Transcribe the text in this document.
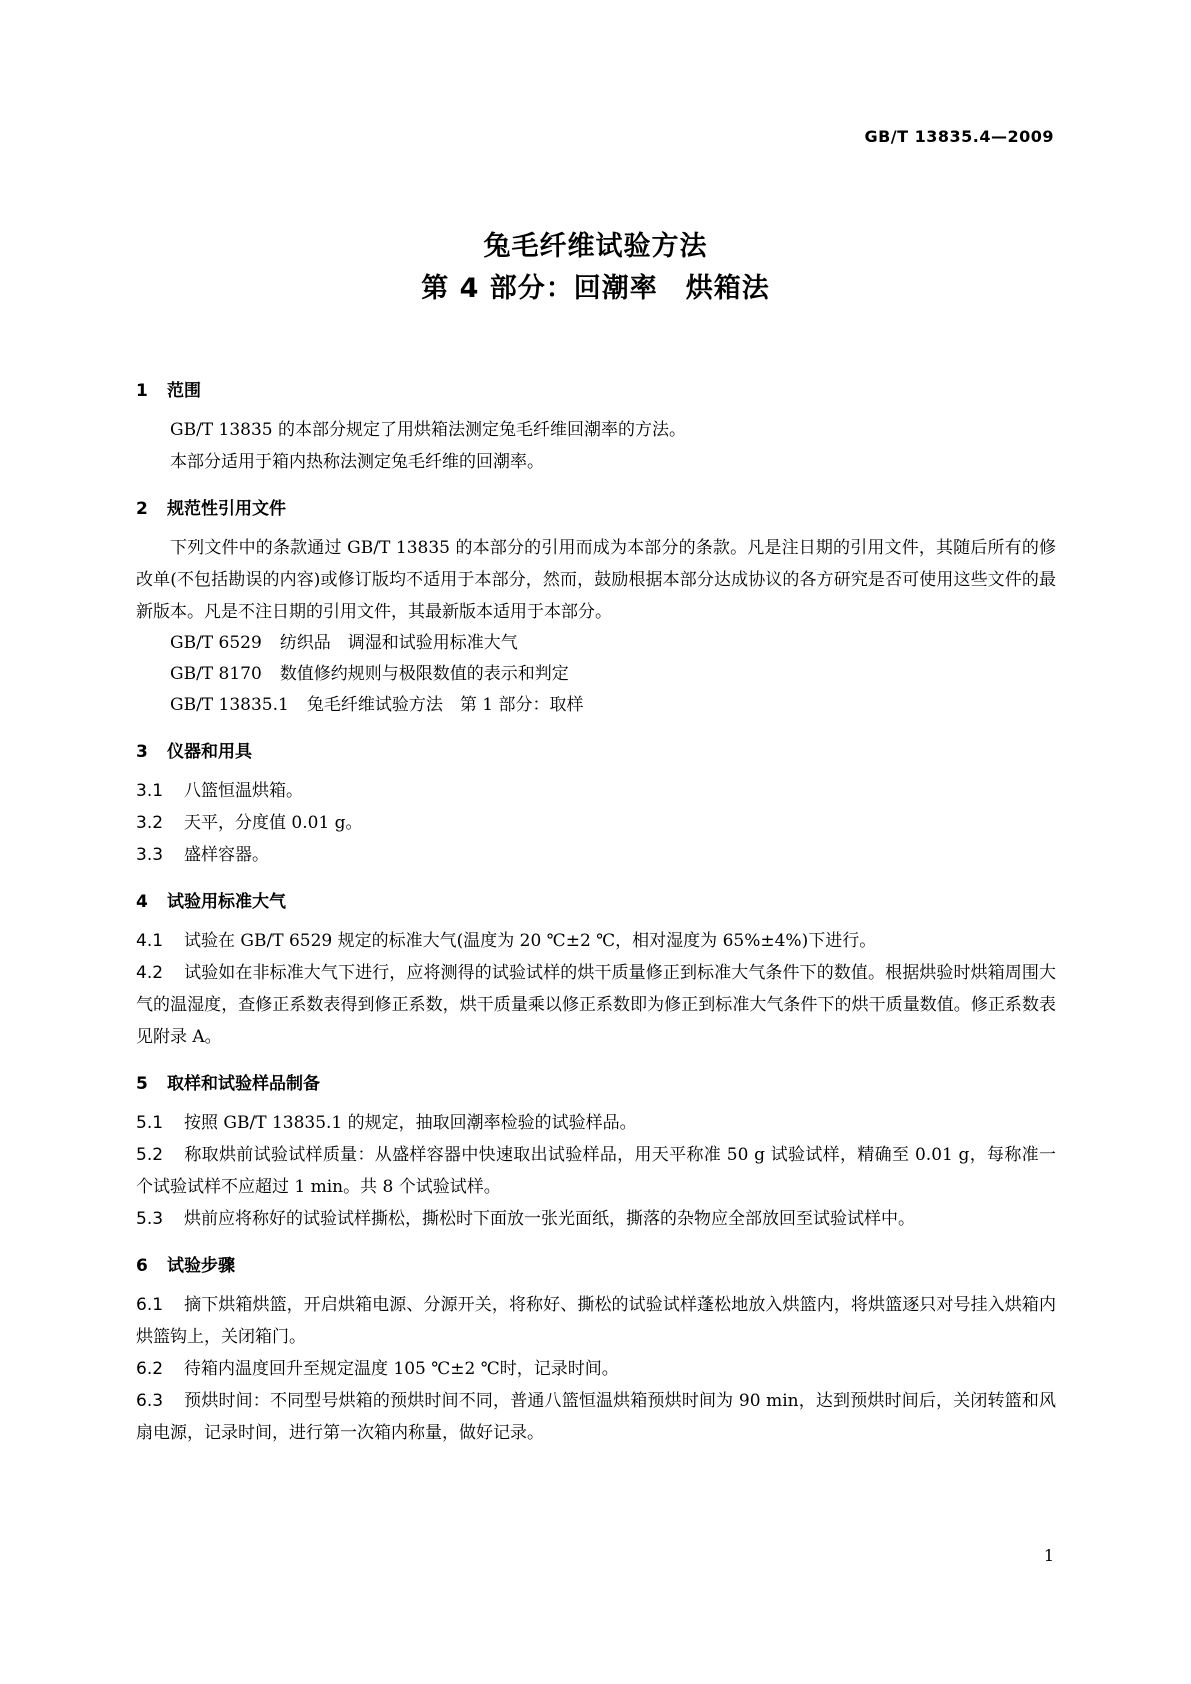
GB/T 13835.4—2009
兔毛纤维试验方法
第 4 部分：回潮率　烘箱法
1 范围

GB/T 13835 的本部分规定了用烘箱法测定兔毛纤维回潮率的方法。

本部分适用于箱内热称法测定兔毛纤维的回潮率。

2 规范性引用文件

下列文件中的条款通过 GB/T 13835 的本部分的引用而成为本部分的条款。凡是注日期的引用文件，其随后所有的修改单(不包括勘误的内容)或修订版均不适用于本部分，然而，鼓励根据本部分达成协议的各方研究是否可使用这些文件的最新版本。凡是不注日期的引用文件，其最新版本适用于本部分。

GB/T 6529 纺织品　调湿和试验用标准大气

GB/T 8170 数值修约规则与极限数值的表示和判定

GB/T 13835.1 兔毛纤维试验方法　第 1 部分：取样

3 仪器和用具

3.1 八篮恒温烘箱。

3.2 天平，分度值 0.01 g。

3.3 盛样容器。

4 试验用标准大气

4.1 试验在 GB/T 6529 规定的标准大气(温度为 20 ℃±2 ℃，相对湿度为 65%±4%)下进行。

4.2 试验如在非标准大气下进行，应将测得的试验试样的烘干质量修正到标准大气条件下的数值。根据烘验时烘箱周围大气的温湿度，查修正系数表得到修正系数，烘干质量乘以修正系数即为修正到标准大气条件下的烘干质量数值。修正系数表见附录 A。

5 取样和试验样品制备

5.1 按照 GB/T 13835.1 的规定，抽取回潮率检验的试验样品。

5.2 称取烘前试验试样质量：从盛样容器中快速取出试验样品，用天平称准 50 g 试验试样，精确至 0.01 g，每称准一个试验试样不应超过 1 min。共 8 个试验试样。

5.3 烘前应将称好的试验试样撕松，撕松时下面放一张光面纸，撕落的杂物应全部放回至试验试样中。

6 试验步骤

6.1 摘下烘箱烘篮，开启烘箱电源、分源开关，将称好、撕松的试验试样蓬松地放入烘篮内，将烘篮逐只对号挂入烘箱内烘篮钩上，关闭箱门。

6.2 待箱内温度回升至规定温度 105 ℃±2 ℃时，记录时间。

6.3 预烘时间：不同型号烘箱的预烘时间不同，普通八篮恒温烘箱预烘时间为 90 min，达到预烘时间后，关闭转篮和风扇电源，记录时间，进行第一次箱内称量，做好记录。

1
